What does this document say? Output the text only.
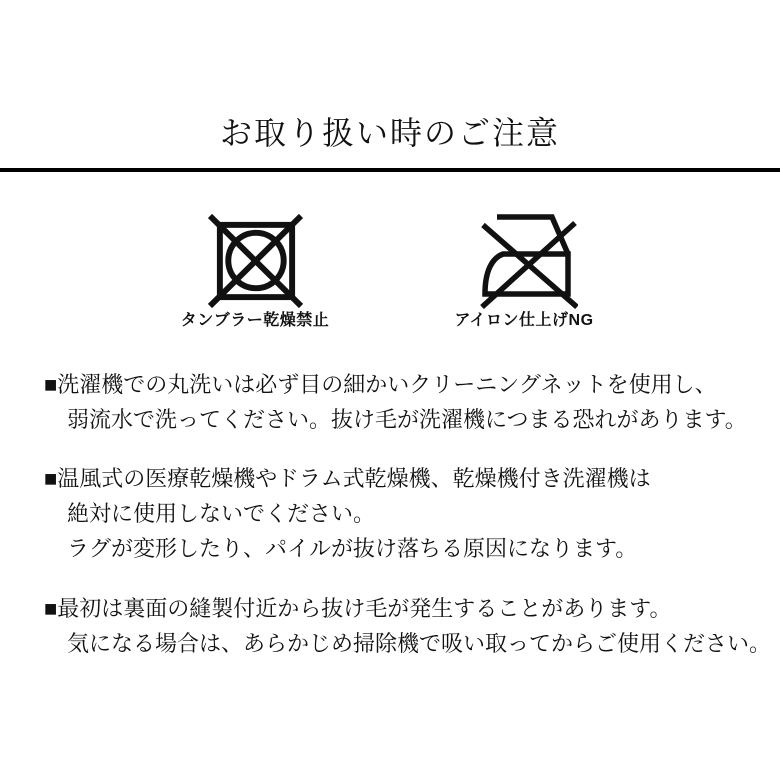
お取り扱い時のご注意
タンブラー乾燥禁止	アイロン仕上げNG
■洗濯機での丸洗いは必ず目の細かいクリーニングネットを使用し、
弱流水で洗ってください。抜け毛が洗濯機につまる恐れがあります。
■温風式の医療乾燥機やドラム式乾燥機、乾燥機付き洗濯機は
絶対に使用しないでください。
ラグが変形したり、パイルが抜け落ちる原因になります。
■最初は裏面の縫製付近から抜け毛が発生することがあります。
気になる場合は、あらかじめ掃除機で吸い取ってからご使用ください。
